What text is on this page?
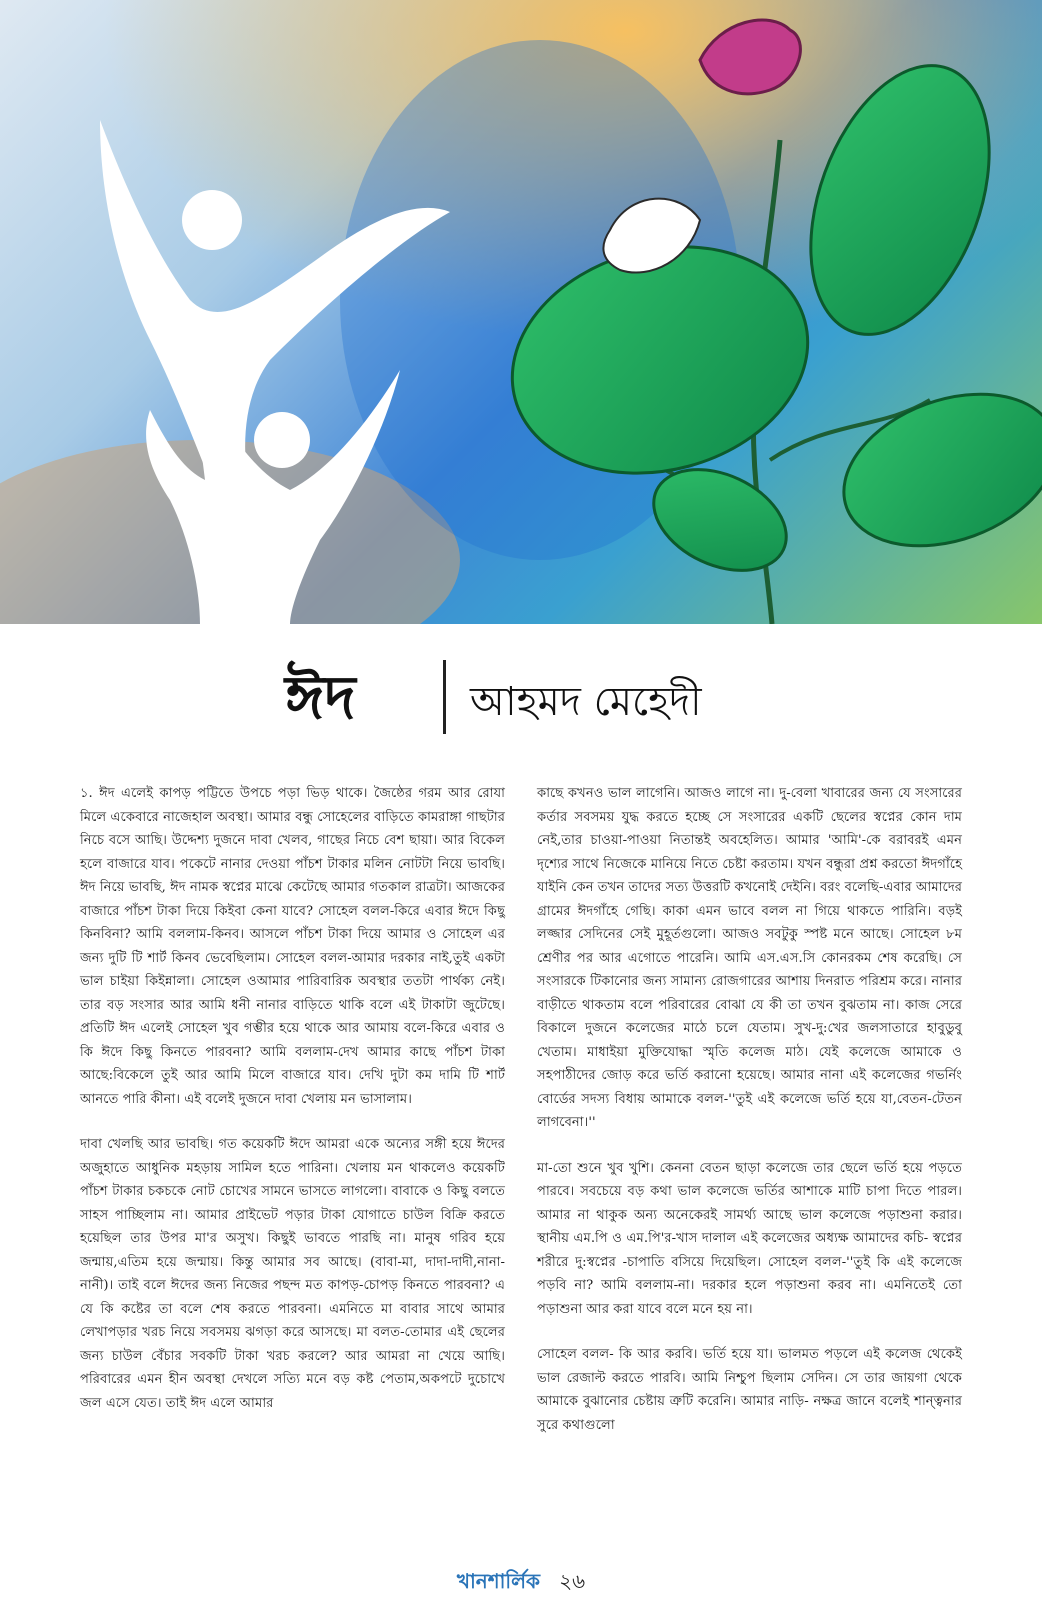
ঈদ	আহমদ মেহেদী

১. ঈদ এলেই কাপড় পট্টিতে উপচে পড়া ভিড় থাকে। জৈষ্ঠের গরম আর রোযা মিলে একেবারে নাজেহাল অবস্থা। আমার বন্ধু সোহেলের বাড়িতে কামরাঙ্গা গাছটার নিচে বসে আছি। উদ্দেশ্য দুজনে দাবা খেলব, গাছের নিচে বেশ ছায়া। আর বিকেল হলে বাজারে যাব। পকেটে নানার দেওয়া পাঁচশ টাকার মলিন নোটটা নিয়ে ভাবছি। ঈদ নিয়ে ভাবছি, ঈদ নামক স্বপ্নের মাঝে কেটেছে আমার গতকাল রাত্রটা। আজকের বাজারে পাঁচশ টাকা দিয়ে কিইবা কেনা যাবে? সোহেল বলল-কিরে এবার ঈদে কিছু কিনবিনা? আমি বললাম-কিনব। আসলে পাঁচশ টাকা দিয়ে আমার ও সোহেল এর জন্য দুটি টি শার্ট কিনব ভেবেছিলাম। সোহেল বলল-আমার দরকার নাই,তুই একটা ভাল চাইয়া কিইন্নালা। সোহেল ওআমার পারিবারিক অবস্থার ততটা পার্থক্য নেই। তার বড় সংসার আর আমি ধনী নানার বাড়িতে থাকি বলে এই টাকাটা জুটেছে। প্রতিটি ঈদ এলেই সোহেল খুব গম্ভীর হয়ে থাকে আর আমায় বলে-কিরে এবার ও কি ঈদে কিছু কিনতে পারবনা? আমি বললাম-দেখ আমার কাছে পাঁচশ টাকা আছে:বিকেলে তুই আর আমি মিলে বাজারে যাব। দেখি দুটা কম দামি টি শার্ট আনতে পারি কীনা। এই বলেই দুজনে দাবা খেলায় মন ভাসালাম।

দাবা খেলছি আর ভাবছি। গত কয়েকটি ঈদে আমরা একে অন্যের সঙ্গী হয়ে ঈদের অজুহাতে আধুনিক মহড়ায় সামিল হতে পারিনা। খেলায় মন থাকলেও কয়েকটি পাঁচশ টাকার চকচকে নোট চোখের সামনে ভাসতে লাগলো। বাবাকে ও কিছু বলতে সাহস পাচ্ছিলাম না। আমার প্রাইভেট পড়ার টাকা যোগাতে চাউল বিক্রি করতে হয়েছিল তার উপর মা'র অসুখ। কিছুই ভাবতে পারছি না। মানুষ গরিব হয়ে জন্মায়,এতিম হয়ে জন্মায়। কিন্তু আমার সব আছে। (বাবা-মা, দাদা-দাদী,নানা-নানী)। তাই বলে ঈদের জন্য নিজের পছন্দ মত কাপড়-চোপড় কিনতে পারবনা? এ যে কি কষ্টের তা বলে শেষ করতে পারবনা। এমনিতে মা বাবার সাথে আমার লেখাপড়ার খরচ নিয়ে সবসময় ঝগড়া করে আসছে। মা বলত-তোমার এই ছেলের জন্য চাউল বেঁচার সবকটি টাকা খরচ করলে? আর আমরা না খেয়ে আছি। পরিবারের এমন হীন অবস্থা দেখলে সত্যি মনে বড় কষ্ট পেতাম,অকপটে দুচোখে জল এসে যেত। তাই ঈদ এলে আমার

কাছে কখনও ভাল লাগেনি। আজও লাগে না। দু-বেলা খাবারের জন্য যে সংসারের কর্তার সবসময় যুদ্ধ করতে হচ্ছে সে সংসারের একটি ছেলের স্বপ্নের কোন দাম নেই,তার চাওয়া-পাওয়া নিতান্তই অবহেলিত। আমার 'আমি'-কে বরাবরই এমন দৃশ্যের সাথে নিজেকে মানিয়ে নিতে চেষ্টা করতাম। যখন বন্ধুরা প্রশ্ন করতো ঈদগাঁহে যাইনি কেন তখন তাদের সত্য উত্তরটি কখনোই দেইনি। বরং বলেছি-এবার আমাদের গ্রামের ঈদগাঁহে গেছি। কাকা এমন ভাবে বলল না গিয়ে থাকতে পারিনি। বড়ই লজ্জার সেদিনের সেই মুহূর্তগুলো। আজও সবটুকু স্পষ্ট মনে আছে। সোহেল ৮ম শ্রেণীর পর আর এগোতে পারেনি। আমি এস.এস.সি কোনরকম শেষ করেছি। সে সংসারকে টিকানোর জন্য সামান্য রোজগারের আশায় দিনরাত পরিশ্রম করে। নানার বাড়ীতে থাকতাম বলে পরিবারের বোঝা যে কী তা তখন বুঝতাম না। কাজ সেরে বিকালে দুজনে কলেজের মাঠে চলে যেতাম। সুখ-দু:খের জলসাতারে হাবুডুবু খেতাম। মাধাইয়া মুক্তিযোদ্ধা স্মৃতি কলেজ মাঠ। যেই কলেজে আমাকে ও সহপাঠীদের জোড় করে ভর্তি করানো হয়েছে। আমার নানা এই কলেজের গভর্নিং বোর্ডের সদস্য বিধায় আমাকে বলল-''তুই এই কলেজে ভর্তি হয়ে যা,বেতন-টেতন লাগবেনা।''

মা-তো শুনে খুব খুশি। কেননা বেতন ছাড়া কলেজে তার ছেলে ভর্তি হয়ে পড়তে পারবে। সবচেয়ে বড় কথা ভাল কলেজে ভর্তির আশাকে মাটি চাপা দিতে পারল। আমার না থাকুক অন্য অনেকেরই সামর্থ্য আছে ভাল কলেজে পড়াশুনা করার। স্থানীয় এম.পি ও এম.পি'র-খাস দালাল এই কলেজের অধ্যক্ষ আমাদের কচি- স্বপ্নের শরীরে দু:স্বপ্নের -চাপাতি বসিয়ে দিয়েছিল। সোহেল বলল-''তুই কি এই কলেজে পড়বি না? আমি বললাম-না। দরকার হলে পড়াশুনা করব না। এমনিতেই তো পড়াশুনা আর করা যাবে বলে মনে হয় না।

সোহেল বলল- কি আর করবি। ভর্তি হয়ে যা। ভালমত পড়লে এই কলেজ থেকেই ভাল রেজাল্ট করতে পারবি। আমি নিশ্চুপ ছিলাম সেদিন। সে তার জায়গা থেকে আমাকে বুঝানোর চেষ্টায় ত্রুটি করেনি। আমার নাড়ি- নক্ষত্র জানে বলেই শান্ত্বনার সুরে কথাগুলো

খানশার্লিক ২৬
